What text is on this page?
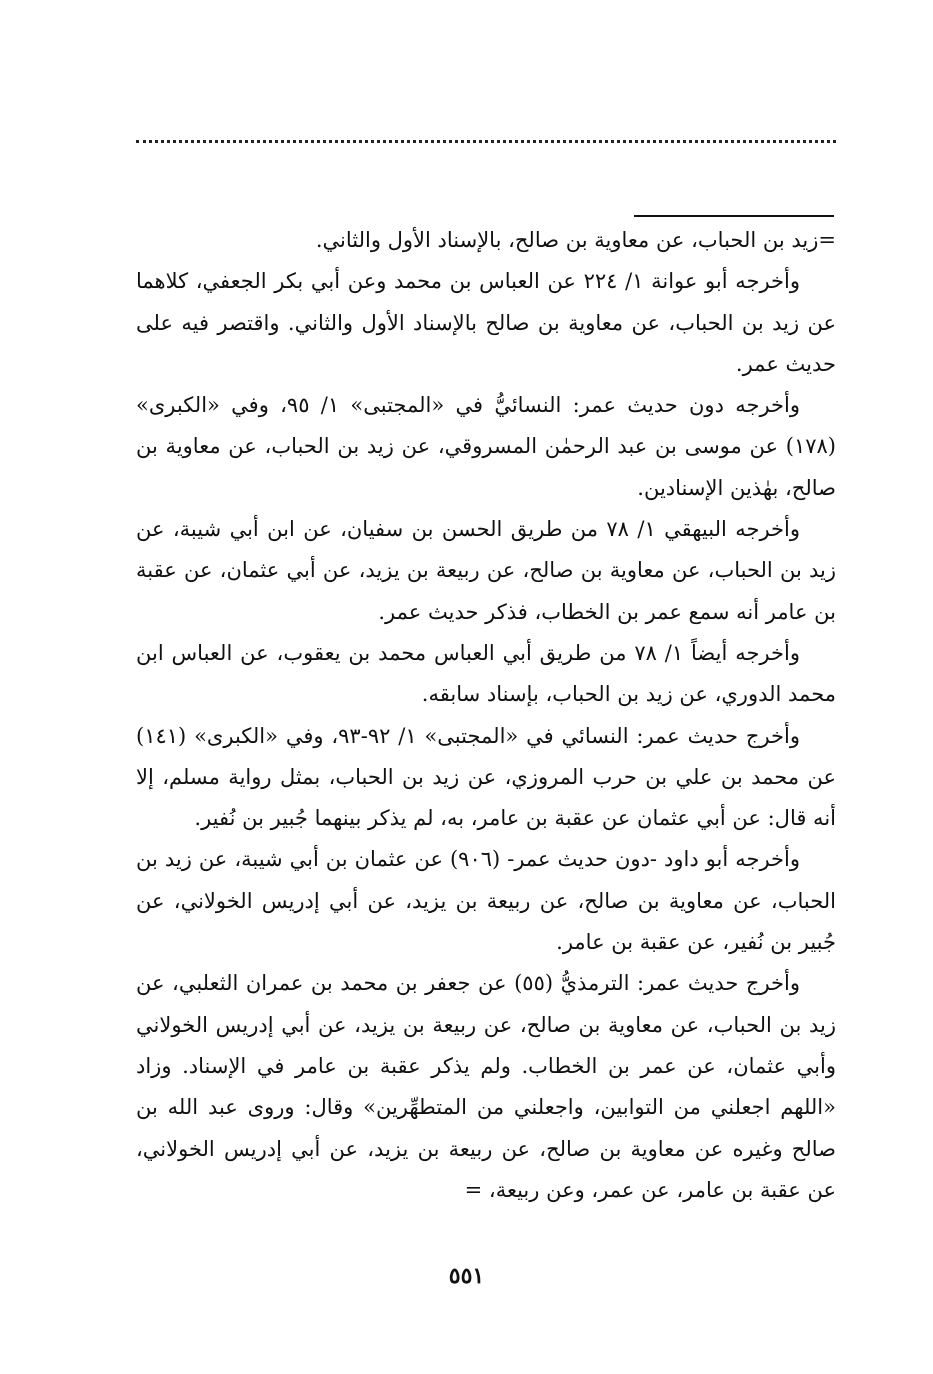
=زيد بن الحباب، عن معاوية بن صالح، بالإسناد الأول والثاني.

وأخرجه أبو عوانة ١/ ٢٢٤ عن العباس بن محمد وعن أبي بكر الجعفي، كلاهما عن زيد بن الحباب، عن معاوية بن صالح بالإسناد الأول والثاني. واقتصر فيه على حديث عمر.

وأخرجه دون حديث عمر: النسائيُّ في «المجتبى» ١/ ٩٥، وفي «الكبرى» (١٧٨) عن موسى بن عبد الرحمٰن المسروقي، عن زيد بن الحباب، عن معاوية بن صالح، بهٰذين الإسنادين.

وأخرجه البيهقي ١/ ٧٨ من طريق الحسن بن سفيان، عن ابن أبي شيبة، عن زيد بن الحباب، عن معاوية بن صالح، عن ربيعة بن يزيد، عن أبي عثمان، عن عقبة بن عامر أنه سمع عمر بن الخطاب، فذكر حديث عمر.

وأخرجه أيضاً ١/ ٧٨ من طريق أبي العباس محمد بن يعقوب، عن العباس ابن محمد الدوري، عن زيد بن الحباب، بإسناد سابقه.

وأخرج حديث عمر: النسائي في «المجتبى» ١/ ٩٢-٩٣، وفي «الكبرى» (١٤١) عن محمد بن علي بن حرب المروزي، عن زيد بن الحباب، بمثل رواية مسلم، إلا أنه قال: عن أبي عثمان عن عقبة بن عامر، به، لم يذكر بينهما جُبير بن نُفير.

وأخرجه أبو داود -دون حديث عمر- (٩٠٦) عن عثمان بن أبي شيبة، عن زيد بن الحباب، عن معاوية بن صالح، عن ربيعة بن يزيد، عن أبي إدريس الخولاني، عن جُبير بن نُفير، عن عقبة بن عامر.

وأخرج حديث عمر: الترمذيُّ (٥٥) عن جعفر بن محمد بن عمران الثعلبي، عن زيد بن الحباب، عن معاوية بن صالح، عن ربيعة بن يزيد، عن أبي إدريس الخولاني وأبي عثمان، عن عمر بن الخطاب. ولم يذكر عقبة بن عامر في الإسناد. وزاد «اللهم اجعلني من التوابين، واجعلني من المتطهِّرين» وقال: وروى عبد الله بن صالح وغيره عن معاوية بن صالح، عن ربيعة بن يزيد، عن أبي إدريس الخولاني، عن عقبة بن عامر، عن عمر، وعن ربيعة، =

٥٥١
